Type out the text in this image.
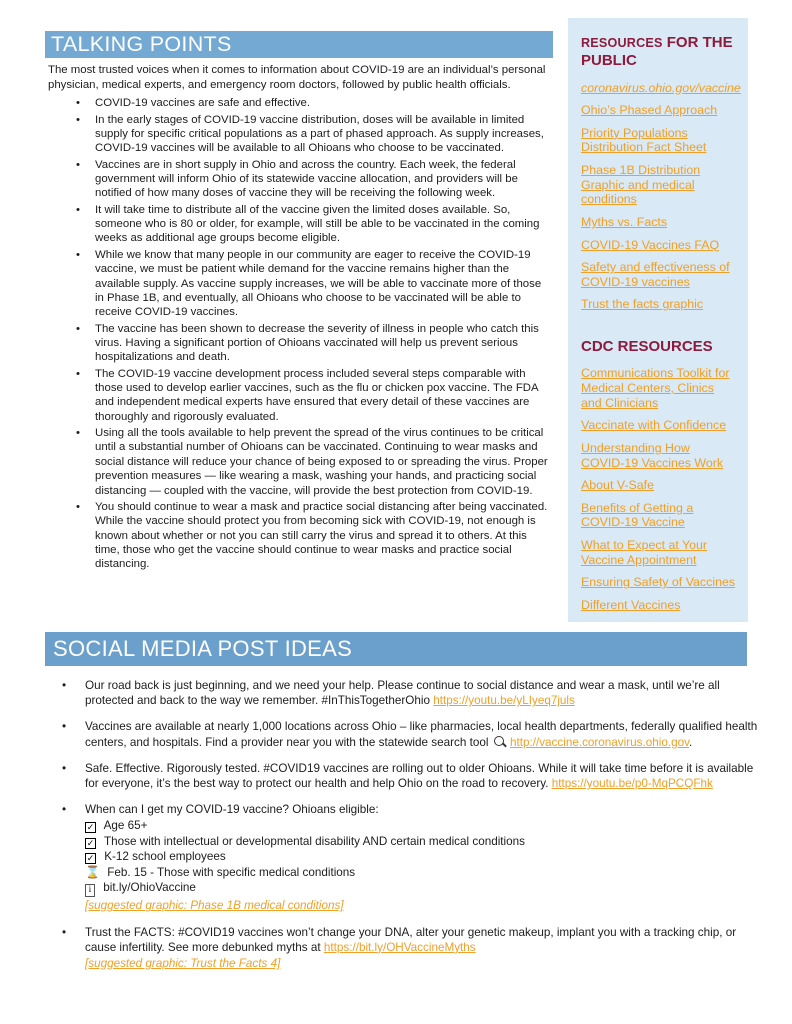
TALKING POINTS
The most trusted voices when it comes to information about COVID-19 are an individual’s personal physician, medical experts, and emergency room doctors, followed by public health officials.
• COVID-19 vaccines are safe and effective.
• In the early stages of COVID-19 vaccine distribution, doses will be available in limited supply for specific critical populations as a part of phased approach. As supply increases, COVID-19 vaccines will be available to all Ohioans who choose to be vaccinated.
• Vaccines are in short supply in Ohio and across the country. Each week, the federal government will inform Ohio of its statewide vaccine allocation, and providers will be notified of how many doses of vaccine they will be receiving the following week.
• It will take time to distribute all of the vaccine given the limited doses available. So, someone who is 80 or older, for example, will still be able to be vaccinated in the coming weeks as additional age groups become eligible.
• While we know that many people in our community are eager to receive the COVID-19 vaccine, we must be patient while demand for the vaccine remains higher than the available supply. As vaccine supply increases, we will be able to vaccinate more of those in Phase 1B, and eventually, all Ohioans who choose to be vaccinated will be able to receive COVID-19 vaccines.
• The vaccine has been shown to decrease the severity of illness in people who catch this virus. Having a significant portion of Ohioans vaccinated will help us prevent serious hospitalizations and death.
• The COVID-19 vaccine development process included several steps comparable with those used to develop earlier vaccines, such as the flu or chicken pox vaccine. The FDA and independent medical experts have ensured that every detail of these vaccines are thoroughly and rigorously evaluated.
• Using all the tools available to help prevent the spread of the virus continues to be critical until a substantial number of Ohioans can be vaccinated. Continuing to wear masks and social distance will reduce your chance of being exposed to or spreading the virus. Proper prevention measures — like wearing a mask, washing your hands, and practicing social distancing — coupled with the vaccine, will provide the best protection from COVID-19.
• You should continue to wear a mask and practice social distancing after being vaccinated. While the vaccine should protect you from becoming sick with COVID-19, not enough is known about whether or not you can still carry the virus and spread it to others. At this time, those who get the vaccine should continue to wear masks and practice social distancing.
RESOURCES FOR THE PUBLIC
coronavirus.ohio.gov/vaccine
Ohio’s Phased Approach
Priority Populations Distribution Fact Sheet
Phase 1B Distribution Graphic and medical conditions
Myths vs. Facts
COVID-19 Vaccines FAQ
Safety and effectiveness of COVID-19 vaccines
Trust the facts graphic
CDC RESOURCES
Communications Toolkit for Medical Centers, Clinics and Clinicians
Vaccinate with Confidence
Understanding How COVID-19 Vaccines Work
About V-Safe
Benefits of Getting a COVID-19 Vaccine
What to Expect at Your Vaccine Appointment
Ensuring Safety of Vaccines
Different Vaccines
SOCIAL MEDIA POST IDEAS
• Our road back is just beginning, and we need your help. Please continue to social distance and wear a mask, until we’re all protected and back to the way we remember. #InThisTogetherOhio https://youtu.be/yLIyeq7juls
• Vaccines are available at nearly 1,000 locations across Ohio – like pharmacies, local health departments, federally qualified health centers, and hospitals. Find a provider near you with the statewide search tool  http://vaccine.coronavirus.ohio.gov.
• Safe. Effective. Rigorously tested. #COVID19 vaccines are rolling out to older Ohioans. While it will take time before it is available for everyone, it’s the best way to protect our health and help Ohio on the road to recovery. https://youtu.be/p0-MqPCQFhk
• When can I get my COVID-19 vaccine? Ohioans eligible:
✓ Age 65+
✓ Those with intellectual or developmental disability AND certain medical conditions
✓ K-12 school employees
⌛ Feb. 15 - Those with specific medical conditions
i bit.ly/OhioVaccine
[suggested graphic: Phase 1B medical conditions]
• Trust the FACTS: #COVID19 vaccines won’t change your DNA, alter your genetic makeup, implant you with a tracking chip, or cause infertility. See more debunked myths at https://bit.ly/OHVaccineMyths
[suggested graphic: Trust the Facts 4]
